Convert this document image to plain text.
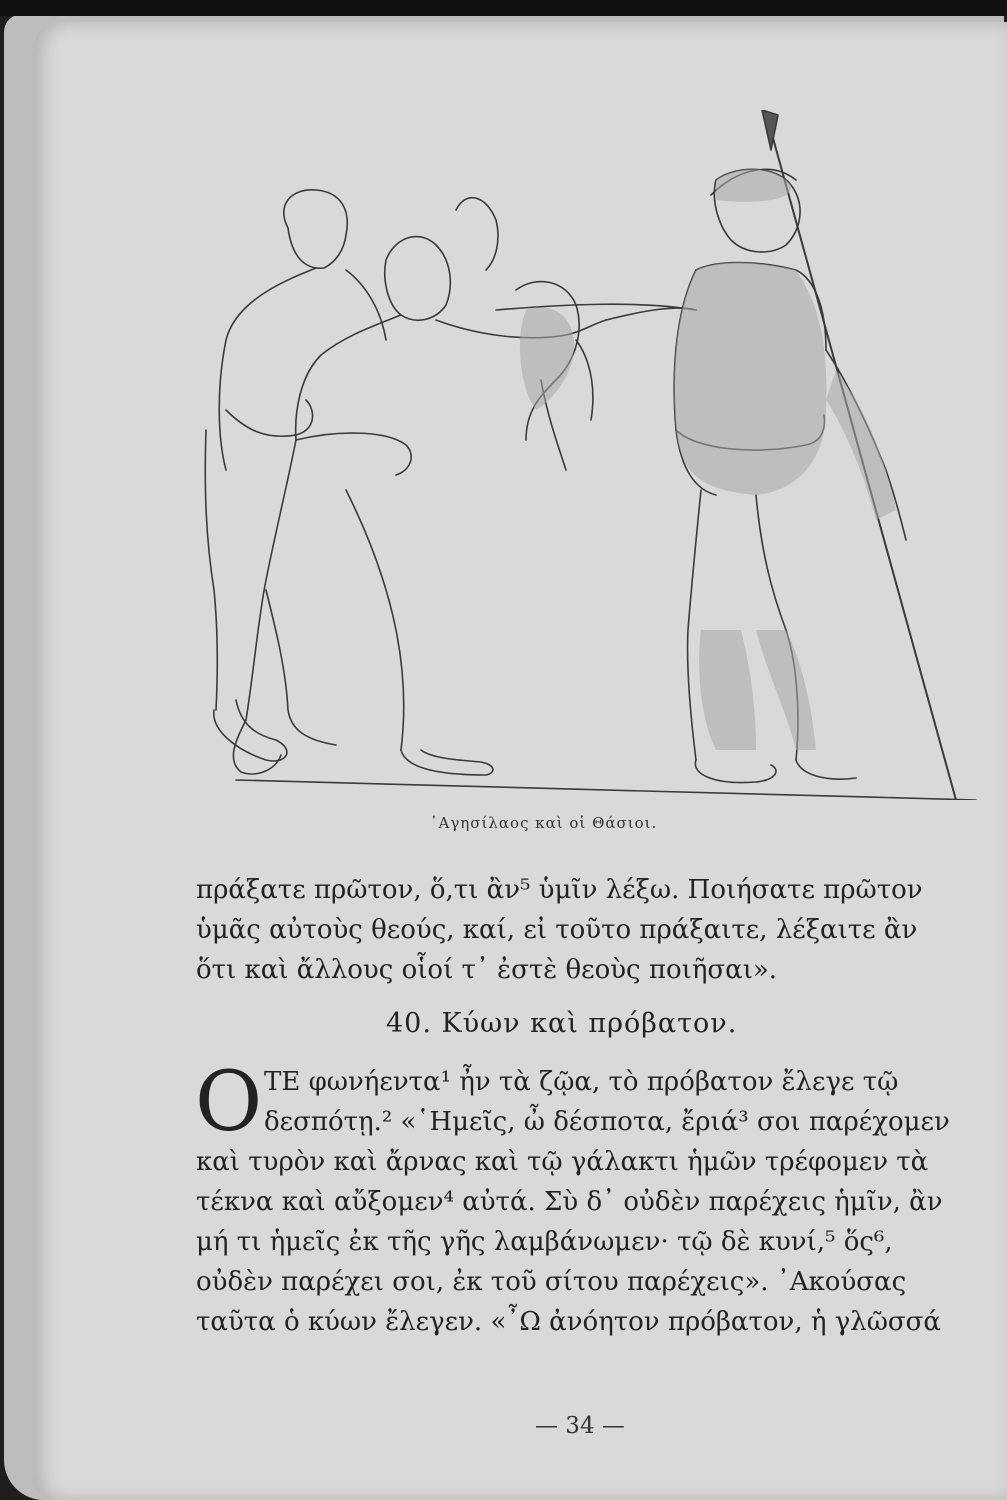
᾿Αγησίλαος καὶ οἱ Θάσιοι.
πράξατε πρῶτον, ὅ,τι ἂν⁵ ὑμῖν λέξω. Ποιήσατε πρῶτον
ὑμᾶς αὐτοὺς θεούς, καί, εἰ τοῦτο πράξαιτε, λέξαιτε ἂν
ὅτι καὶ ἄλλους οἷοί τ᾽ ἐστὲ θεοὺς ποιῆσαι».
40. Κύων καὶ πρόβατον.
Ο ΤΕ φωνήεντα¹ ἦν τὰ ζῷα, τὸ πρόβατον ἔλεγε τῷ
δεσπότῃ.² «῾Ημεῖς, ὦ δέσποτα, ἔριά³ σοι παρέχομεν
καὶ τυρὸν καὶ ἄρνας καὶ τῷ γάλακτι ἡμῶν τρέφομεν τὰ
τέκνα καὶ αὔξομεν⁴ αὐτά. Σὺ δ᾽ οὐδὲν παρέχεις ἡμῖν, ἂν
μή τι ἡμεῖς ἐκ τῆς γῆς λαμβάνωμεν· τῷ δὲ κυνί,⁵ ὅς⁶,
οὐδὲν παρέχει σοι, ἐκ τοῦ σίτου παρέχεις». ᾽Ακούσας
ταῦτα ὁ κύων ἔλεγεν. «῏Ω ἀνόητον πρόβατον, ἡ γλῶσσά
— 34 —
